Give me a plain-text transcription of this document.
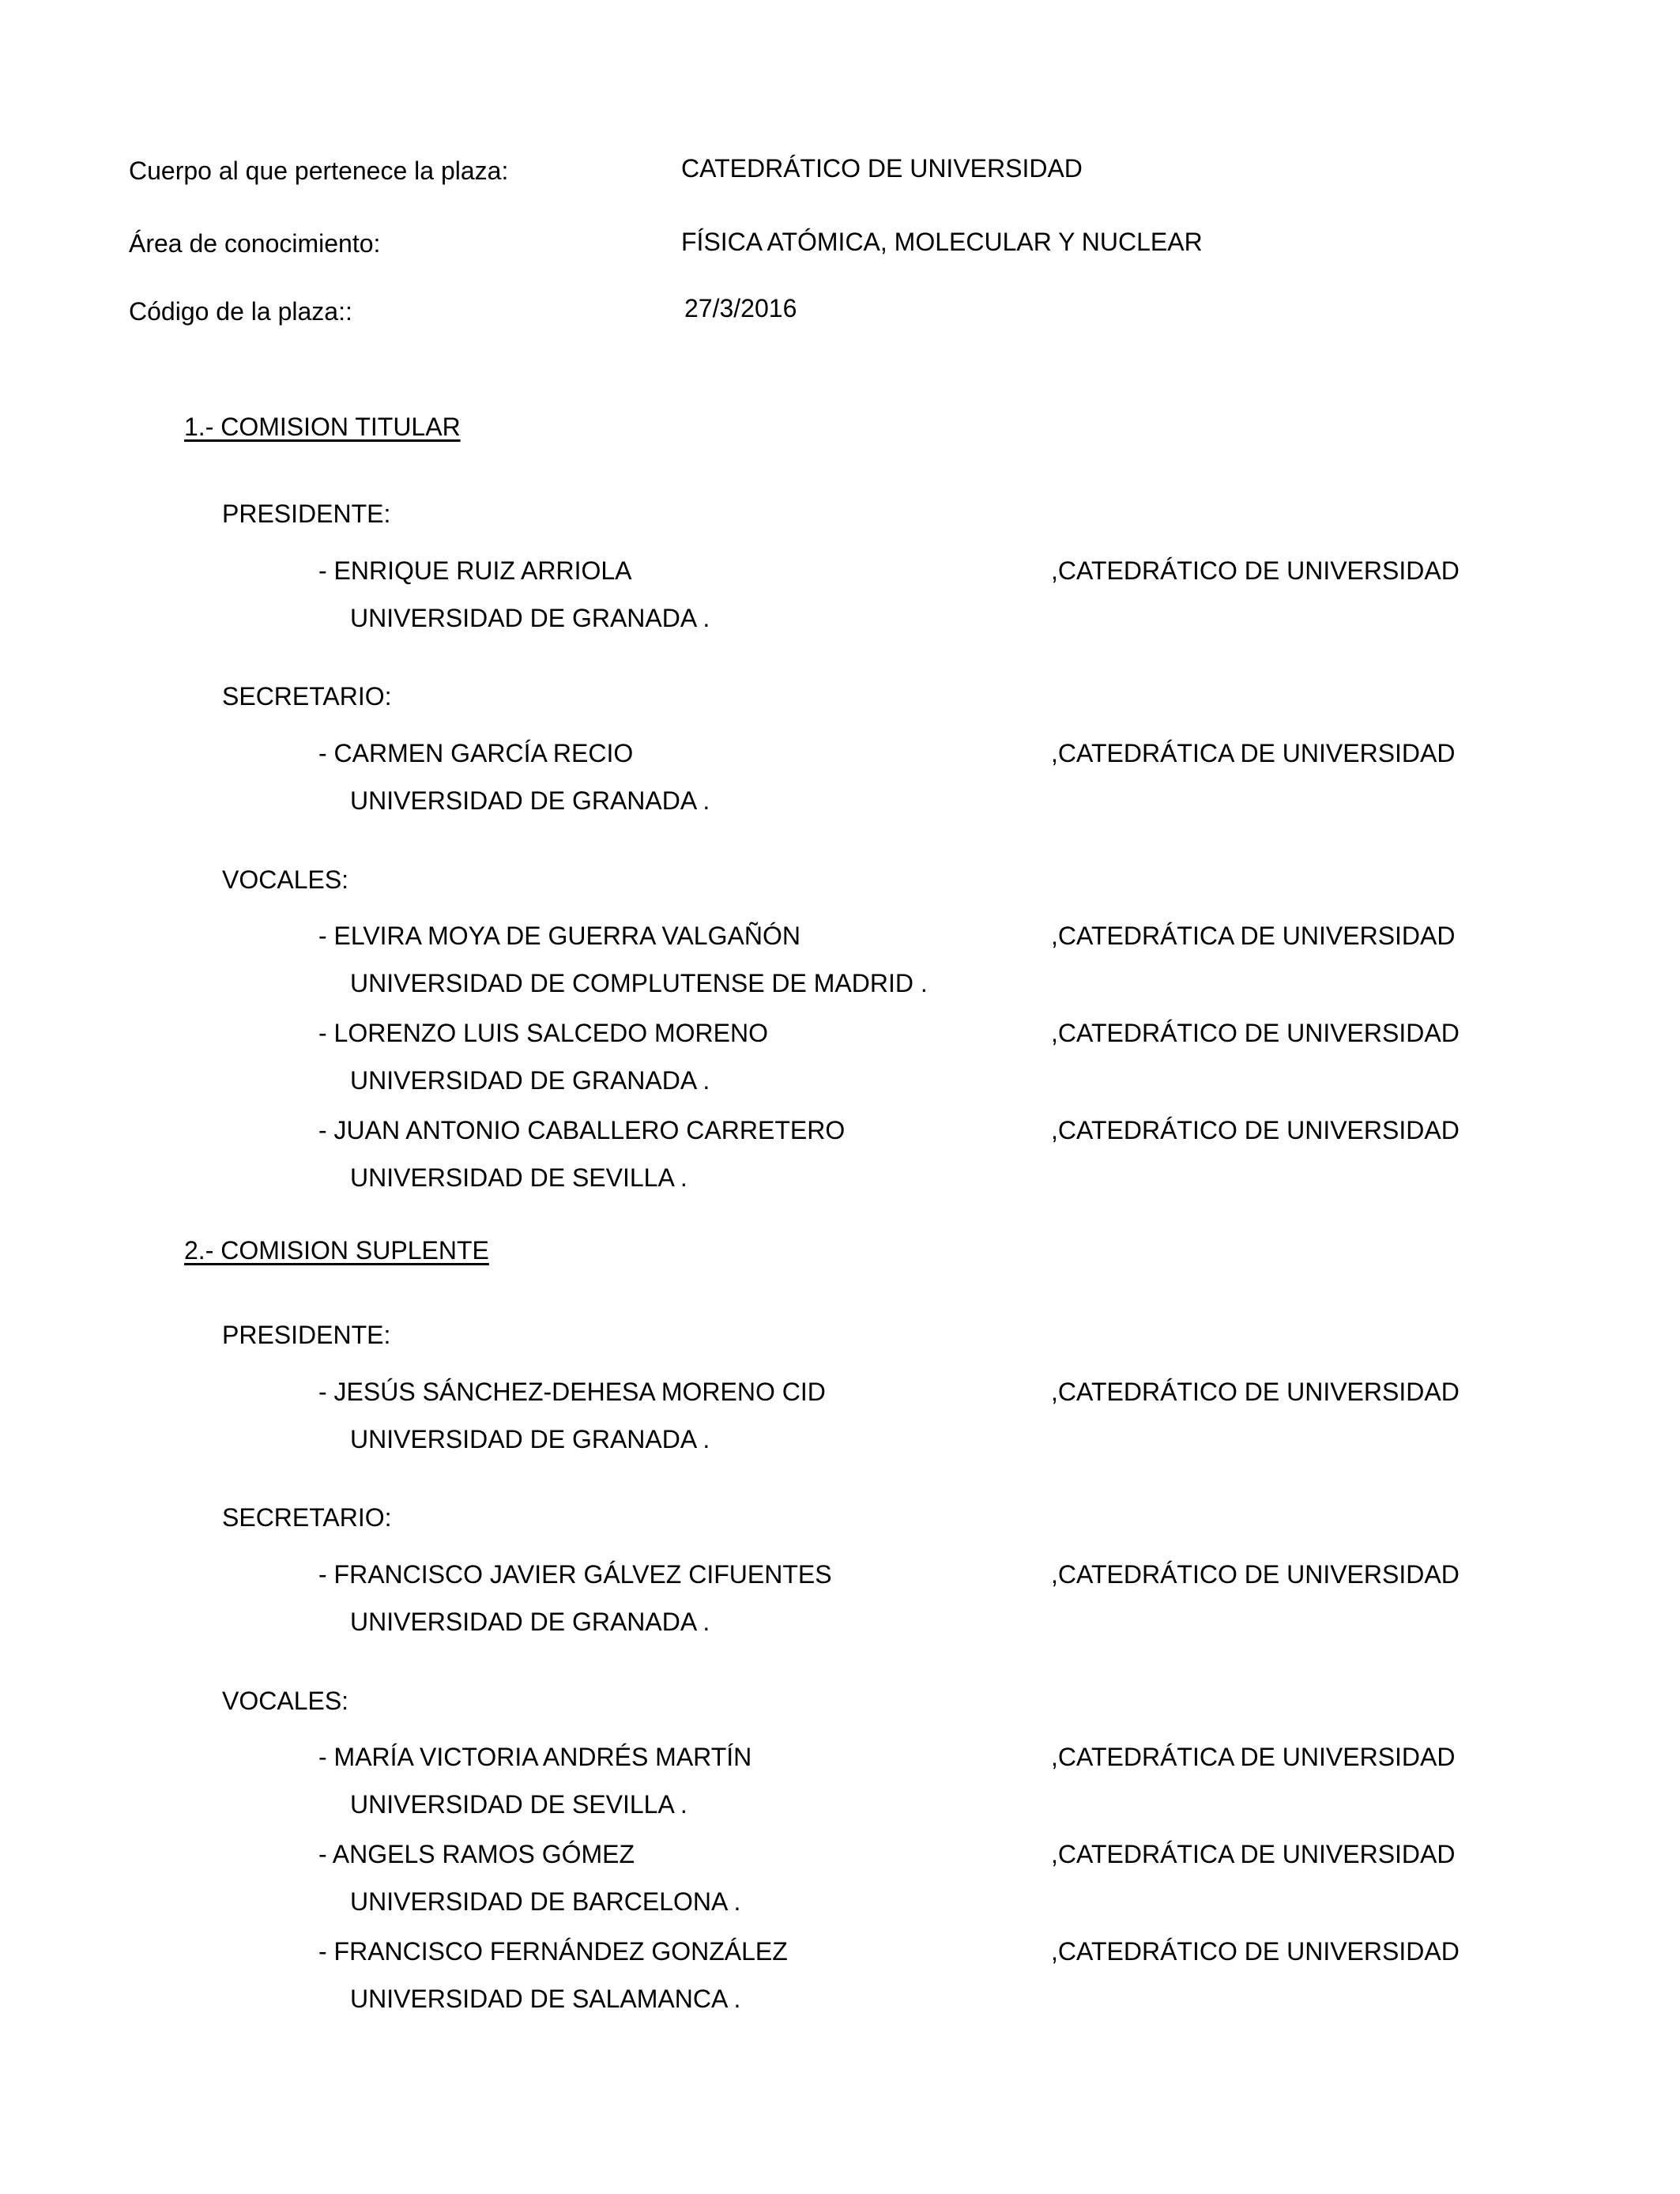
Cuerpo al que pertenece la plaza:	CATEDRÁTICO DE UNIVERSIDAD
Área de conocimiento:	FÍSICA ATÓMICA, MOLECULAR Y NUCLEAR
Código de la plaza::	27/3/2016
1.- COMISION TITULAR
PRESIDENTE:
- ENRIQUE RUIZ ARRIOLA	,CATEDRÁTICO DE UNIVERSIDAD
UNIVERSIDAD DE GRANADA .
SECRETARIO:
- CARMEN GARCÍA RECIO	,CATEDRÁTICA DE UNIVERSIDAD
UNIVERSIDAD DE GRANADA .
VOCALES:
- ELVIRA MOYA DE GUERRA VALGAÑÓN	,CATEDRÁTICA DE UNIVERSIDAD
UNIVERSIDAD DE COMPLUTENSE DE MADRID .
- LORENZO LUIS SALCEDO MORENO	,CATEDRÁTICO DE UNIVERSIDAD
UNIVERSIDAD DE GRANADA .
- JUAN ANTONIO CABALLERO CARRETERO	,CATEDRÁTICO DE UNIVERSIDAD
UNIVERSIDAD DE SEVILLA .
2.- COMISION SUPLENTE
PRESIDENTE:
- JESÚS SÁNCHEZ-DEHESA MORENO CID	,CATEDRÁTICO DE UNIVERSIDAD
UNIVERSIDAD DE GRANADA .
SECRETARIO:
- FRANCISCO JAVIER GÁLVEZ CIFUENTES	,CATEDRÁTICO DE UNIVERSIDAD
UNIVERSIDAD DE GRANADA .
VOCALES:
- MARÍA VICTORIA ANDRÉS MARTÍN	,CATEDRÁTICA DE UNIVERSIDAD
UNIVERSIDAD DE SEVILLA .
- ANGELS RAMOS GÓMEZ	,CATEDRÁTICA DE UNIVERSIDAD
UNIVERSIDAD DE BARCELONA .
- FRANCISCO FERNÁNDEZ GONZÁLEZ	,CATEDRÁTICO DE UNIVERSIDAD
UNIVERSIDAD DE SALAMANCA .
